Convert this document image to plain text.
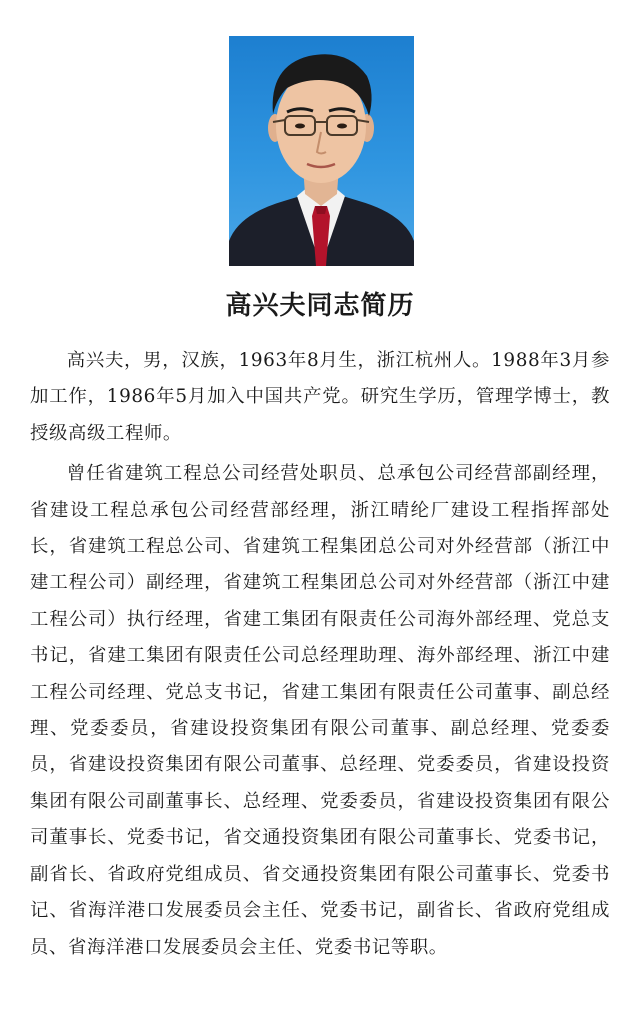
高兴夫同志简历

高兴夫，男，汉族，1963年8月生，浙江杭州人。1988年3月参加工作，1986年5月加入中国共产党。研究生学历，管理学博士，教授级高级工程师。

曾任省建筑工程总公司经营处职员、总承包公司经营部副经理，省建设工程总承包公司经营部经理，浙江晴纶厂建设工程指挥部处长，省建筑工程总公司、省建筑工程集团总公司对外经营部（浙江中建工程公司）副经理，省建筑工程集团总公司对外经营部（浙江中建工程公司）执行经理，省建工集团有限责任公司海外部经理、党总支书记，省建工集团有限责任公司总经理助理、海外部经理、浙江中建工程公司经理、党总支书记，省建工集团有限责任公司董事、副总经理、党委委员，省建设投资集团有限公司董事、副总经理、党委委员，省建设投资集团有限公司董事、总经理、党委委员，省建设投资集团有限公司副董事长、总经理、党委委员，省建设投资集团有限公司董事长、党委书记，省交通投资集团有限公司董事长、党委书记，副省长、省政府党组成员、省交通投资集团有限公司董事长、党委书记、省海洋港口发展委员会主任、党委书记，副省长、省政府党组成员、省海洋港口发展委员会主任、党委书记等职。
